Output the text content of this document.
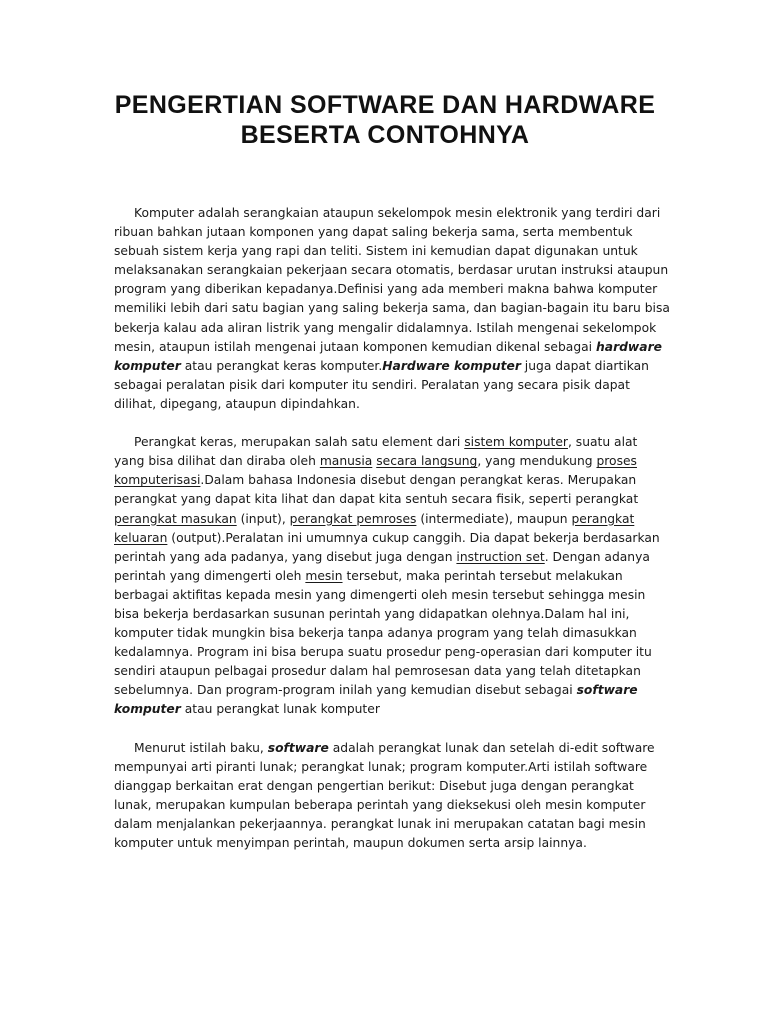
PENGERTIAN SOFTWARE DAN HARDWARE BESERTA CONTOHNYA

Komputer adalah serangkaian ataupun sekelompok mesin elektronik yang terdiri dari ribuan bahkan jutaan komponen yang dapat saling bekerja sama, serta membentuk sebuah sistem kerja yang rapi dan teliti. Sistem ini kemudian dapat digunakan untuk melaksanakan serangkaian pekerjaan secara otomatis, berdasar urutan instruksi ataupun program yang diberikan kepadanya.Definisi yang ada memberi makna bahwa komputer memiliki lebih dari satu bagian yang saling bekerja sama, dan bagian-bagain itu baru bisa bekerja kalau ada aliran listrik yang mengalir didalamnya. Istilah mengenai sekelompok mesin, ataupun istilah mengenai jutaan komponen kemudian dikenal sebagai hardware komputer atau perangkat keras komputer.Hardware komputer juga dapat diartikan sebagai peralatan pisik dari komputer itu sendiri. Peralatan yang secara pisik dapat dilihat, dipegang, ataupun dipindahkan.

Perangkat keras, merupakan salah satu element dari sistem komputer, suatu alat yang bisa dilihat dan diraba oleh manusia secara langsung, yang mendukung proses komputerisasi.Dalam bahasa Indonesia disebut dengan perangkat keras. Merupakan perangkat yang dapat kita lihat dan dapat kita sentuh secara fisik, seperti perangkat perangkat masukan (input), perangkat pemroses (intermediate), maupun perangkat keluaran (output).Peralatan ini umumnya cukup canggih. Dia dapat bekerja berdasarkan perintah yang ada padanya, yang disebut juga dengan instruction set. Dengan adanya perintah yang dimengerti oleh mesin tersebut, maka perintah tersebut melakukan berbagai aktifitas kepada mesin yang dimengerti oleh mesin tersebut sehingga mesin bisa bekerja berdasarkan susunan perintah yang didapatkan olehnya.Dalam hal ini, komputer tidak mungkin bisa bekerja tanpa adanya program yang telah dimasukkan kedalamnya. Program ini bisa berupa suatu prosedur peng-operasian dari komputer itu sendiri ataupun pelbagai prosedur dalam hal pemrosesan data yang telah ditetapkan sebelumnya. Dan program-program inilah yang kemudian disebut sebagai software komputer atau perangkat lunak komputer

Menurut istilah baku, software adalah perangkat lunak dan setelah di-edit software mempunyai arti piranti lunak; perangkat lunak; program komputer.Arti istilah software dianggap berkaitan erat dengan pengertian berikut: Disebut juga dengan perangkat lunak, merupakan kumpulan beberapa perintah yang dieksekusi oleh mesin komputer dalam menjalankan pekerjaannya. perangkat lunak ini merupakan catatan bagi mesin komputer untuk menyimpan perintah, maupun dokumen serta arsip lainnya.
